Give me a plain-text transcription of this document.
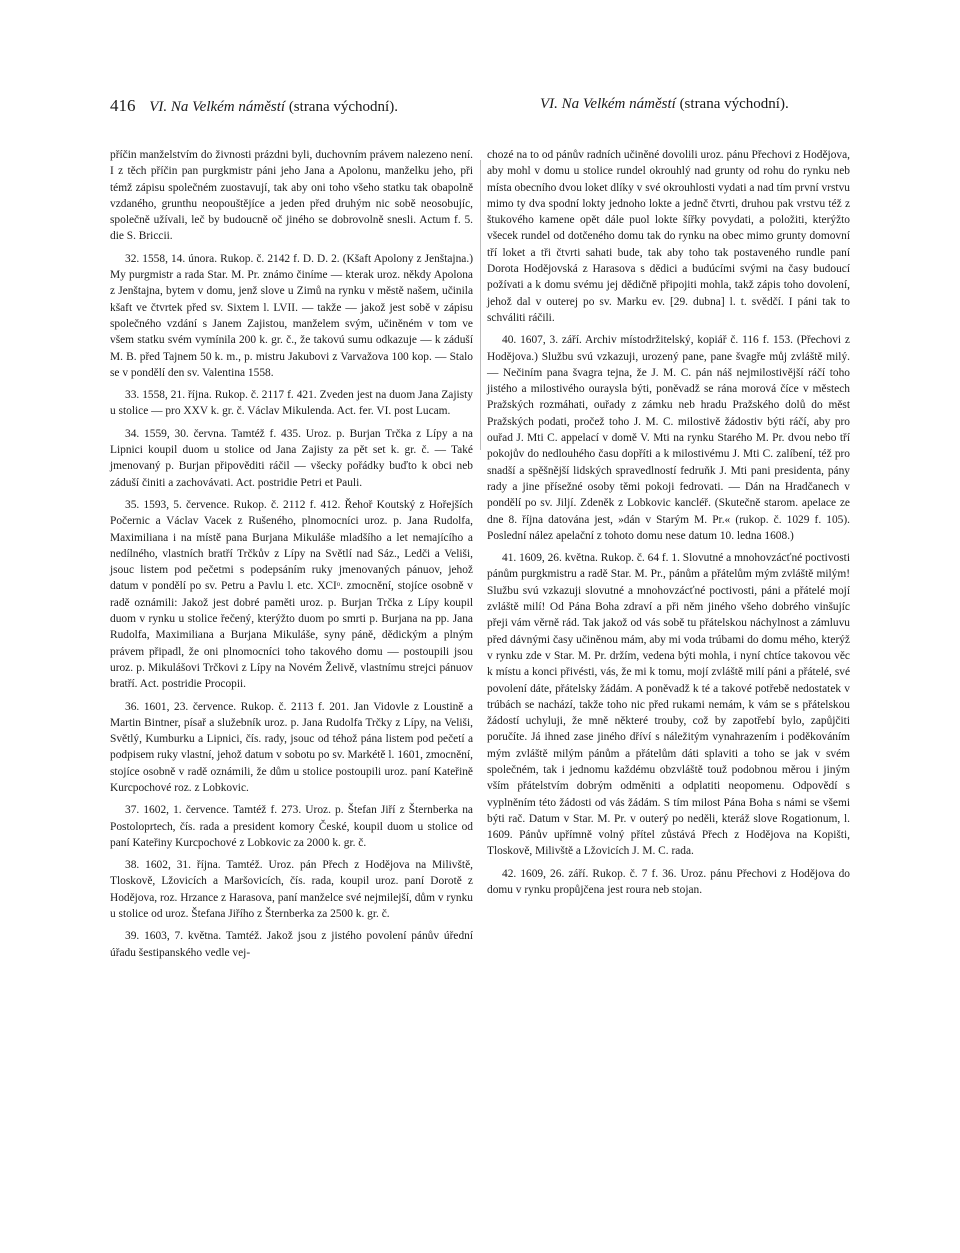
416 VI. Na Velkém náměstí (strana východní).	VI. Na Velkém náměstí (strana východní).

příčin manželstvím do živnosti prázdni byli, duchovním právem nalezeno není. I z těch příčin pan purgkmistr páni jeho Jana a Apolonu, manželku jeho, při témž zápisu společném zuostavují, tak aby oni toho všeho statku tak obapolně vzdaného, grunthu neopouštějíce a jeden před druhým nic sobě neosobujíc, společně užívali, leč by budoucně oč jiného se dobrovolně snesli. Actum f. 5. die S. Briccii.

32. 1558, 14. února. Rukop. č. 2142 f. D. D. 2. (Kšaft Apolony z Jenštajna.) My purgmistr a rada Star. M. Pr. známo činíme — kterak uroz. někdy Apolona z Jenštajna, bytem v domu, jenž slove u Zimů na rynku v městě našem, učinila kšaft ve čtvrtek před sv. Sixtem l. LVII. — takže — jakož jest sobě v zápisu společného vzdání s Janem Zajistou, manželem svým, učiněném v tom ve všem statku svém vymínila 200 k. gr. č., že takovú sumu odkazuje — k záduší M. B. před Tajnem 50 k. m., p. mistru Jakubovi z Varvažova 100 kop. — Stalo se v pondělí den sv. Valentina 1558.

33. 1558, 21. října. Rukop. č. 2117 f. 421. Zveden jest na duom Jana Zajisty u stolice — pro XXV k. gr. č. Václav Mikulenda. Act. fer. VI. post Lucam.

34. 1559, 30. června. Tamtéž f. 435. Uroz. p. Burjan Trčka z Lípy a na Lipnici koupil duom u stolice od Jana Zajisty za pět set k. gr. č. — Také jmenovaný p. Burjan připověditi ráčil — všecky pořádky buďto k obci neb záduší činiti a zachovávati. Act. postridie Petri et Pauli.

35. 1593, 5. července. Rukop. č. 2112 f. 412. Řehoř Koutský z Hořejších Počernic a Václav Vacek z Rušeného, plnomocníci uroz. p. Jana Rudolfa, Maximiliana i na místě pana Burjana Mikuláše mladšího a let nemajícího a nedílného, vlastních bratří Trčkův z Lípy na Světlí nad Sáz., Ledči a Veliši, jsouc listem pod pečetmi s podepsáním ruky jmenovaných pánuov, jehož datum v pondělí po sv. Petru a Pavlu l. etc. XCIᵒ. zmocnění, stojíce osobně v radě oznámili: Jakož jest dobré paměti uroz. p. Burjan Trčka z Lípy koupil duom v rynku u stolice řečený, kterýžto duom po smrti p. Burjana na pp. Jana Rudolfa, Maximiliana a Burjana Mikuláše, syny páně, dědickým a plným právem připadl, že oni plnomocníci toho takového domu — postoupili jsou uroz. p. Mikulášovi Trčkovi z Lípy na Novém Želivě, vlastnímu strejci pánuov bratří. Act. postridie Procopii.

36. 1601, 23. července. Rukop. č. 2113 f. 201. Jan Vidovle z Loustině a Martin Bintner, písař a služebník uroz. p. Jana Rudolfa Trčky z Lípy, na Veliši, Světlý, Kumburku a Lipnici, čís. rady, jsouc od téhož pána listem pod pečetí a podpisem ruky vlastní, jehož datum v sobotu po sv. Markétě l. 1601, zmocnění, stojíce osobně v radě oznámili, že dům u stolice postoupili uroz. paní Kateřině Kurcpochové roz. z Lobkovic.

37. 1602, 1. července. Tamtéž f. 273. Uroz. p. Štefan Jiří z Šternberka na Postoloprtech, čís. rada a president komory České, koupil duom u stolice od paní Kateřiny Kurcpochové z Lobkovic za 2000 k. gr. č.

38. 1602, 31. října. Tamtéž. Uroz. pán Přech z Hodějova na Milivště, Tloskově, Lžovicích a Maršovicích, čís. rada, koupil uroz. paní Dorotě z Hodějova, roz. Hrzance z Harasova, paní manželce své nejmilejší, dům v rynku u stolice od uroz. Štefana Jiřího z Šternberka za 2500 k. gr. č.

39. 1603, 7. května. Tamtéž. Jakož jsou z jistého povolení pánův úřední úřadu šestipanského vedle vej-

chozé na to od pánův radních učiněné dovolili uroz. pánu Přechovi z Hodějova, aby mohl v domu u stolice rundel okrouhlý nad grunty od rohu do rynku neb místa obecního dvou loket dlíky v své okrouhlosti vydati a nad tím první vrstvu mimo ty dva spodní lokty jednoho lokte a jednč čtvrti, druhou pak vrstvu též z štukového kamene opět dále puol lokte šířky povydati, a položiti, kterýžto všecek rundel od dotčeného domu tak do rynku na obec mimo grunty domovní tří loket a tři čtvrti sahati bude, tak aby toho tak postaveného rundle paní Dorota Hodějovská z Harasova s dědici a budúcími svými na časy budoucí požívati a k domu svému jej dědičně připojiti mohla, takž zápis toho dovolení, jehož dal v outerej po sv. Marku ev. [29. dubna] l. t. svědčí. I páni tak to schváliti ráčili.

40. 1607, 3. září. Archiv místodržitelský, kopiář č. 116 f. 153. (Přechovi z Hodějova.) Službu svú vzkazuji, urozený pane, pane švagře můj zvláště milý. — Nečiním pana švagra tejna, že J. M. C. pán náš nejmilostivější ráčí toho jistého a milostivého ouraysla býti, poněvadž se rána morová číce v městech Pražských rozmáhati, ouřady z zámku neb hradu Pražského dolů do měst Pražských podati, pročež toho J. M. C. milostivě žádostiv býti ráčí, aby pro ouřad J. Mti C. appelací v domě V. Mti na rynku Starého M. Pr. dvou nebo tří pokojův do nedlouhého času dopříti a k milostivému J. Mti C. zalíbení, též pro snadší a spěšnější lidských spravedlností fedruňk J. Mti pani presidenta, pány rady a jine přísežné osoby těmi pokoji fedrovati. — Dán na Hradčanech v pondělí po sv. Jiljí. Zdeněk z Lobkovic kancléř. (Skutečně starom. apelace ze dne 8. října datována jest, »dán v Starým M. Pr.« (rukop. č. 1029 f. 105). Poslední nález apelační z tohoto domu nese datum 10. ledna 1608.)

41. 1609, 26. května. Rukop. č. 64 f. 1. Slovutné a mnohovzácťné poctivosti pánům purgkmistru a radě Star. M. Pr., pánům a přátelům mým zvláště milým! Službu svú vzkazuji slovutné a mnohovzácťné poctivosti, páni a přátelé mojí zvláště milí! Od Pána Boha zdraví a při něm jiného všeho dobrého vinšujíc přeji vám věrně rád. Tak jakož od vás sobě tu přátelskou náchylnost a zámluvu před dávnými časy učiněnou mám, aby mi voda trúbami do domu mého, kterýž v rynku zde v Star. M. Pr. držím, vedena býti mohla, i nyní chtíce takovou věc k místu a konci přivésti, vás, že mi k tomu, mojí zvláště milí páni a přátelé, své povolení dáte, přátelsky žádám. A poněvadž k té a takové potřebě nedostatek v trúbách se nachází, takže toho nic před rukami nemám, k vám se s přátelskou žádostí uchyluji, že mně některé trouby, což by zapotřebí bylo, zapůjčiti poručíte. Já ihned zase jiného dříví s náležitým vynahrazením i poděkováním mým zvláště milým pánům a přátelům dáti splaviti a toho se jak v svém společném, tak i jednomu každému obzvláště touž podobnou měrou i jiným vším přátelstvím dobrým odměniti a odplatiti neopomenu. Odpovědí s vyplněním této žádosti od vás žádám. S tím milost Pána Boha s námi se všemi býti rač. Datum v Star. M. Pr. v outerý po neděli, kteráž slove Rogationum, l. 1609. Pánův upřímně volný přítel zůstává Přech z Hodějova na Kopišti, Tloskově, Milivště a Lžovicích J. M. C. rada.

42. 1609, 26. září. Rukop. č. 7 f. 36. Uroz. pánu Přechovi z Hodějova do domu v rynku propůjčena jest roura neb stojan.
